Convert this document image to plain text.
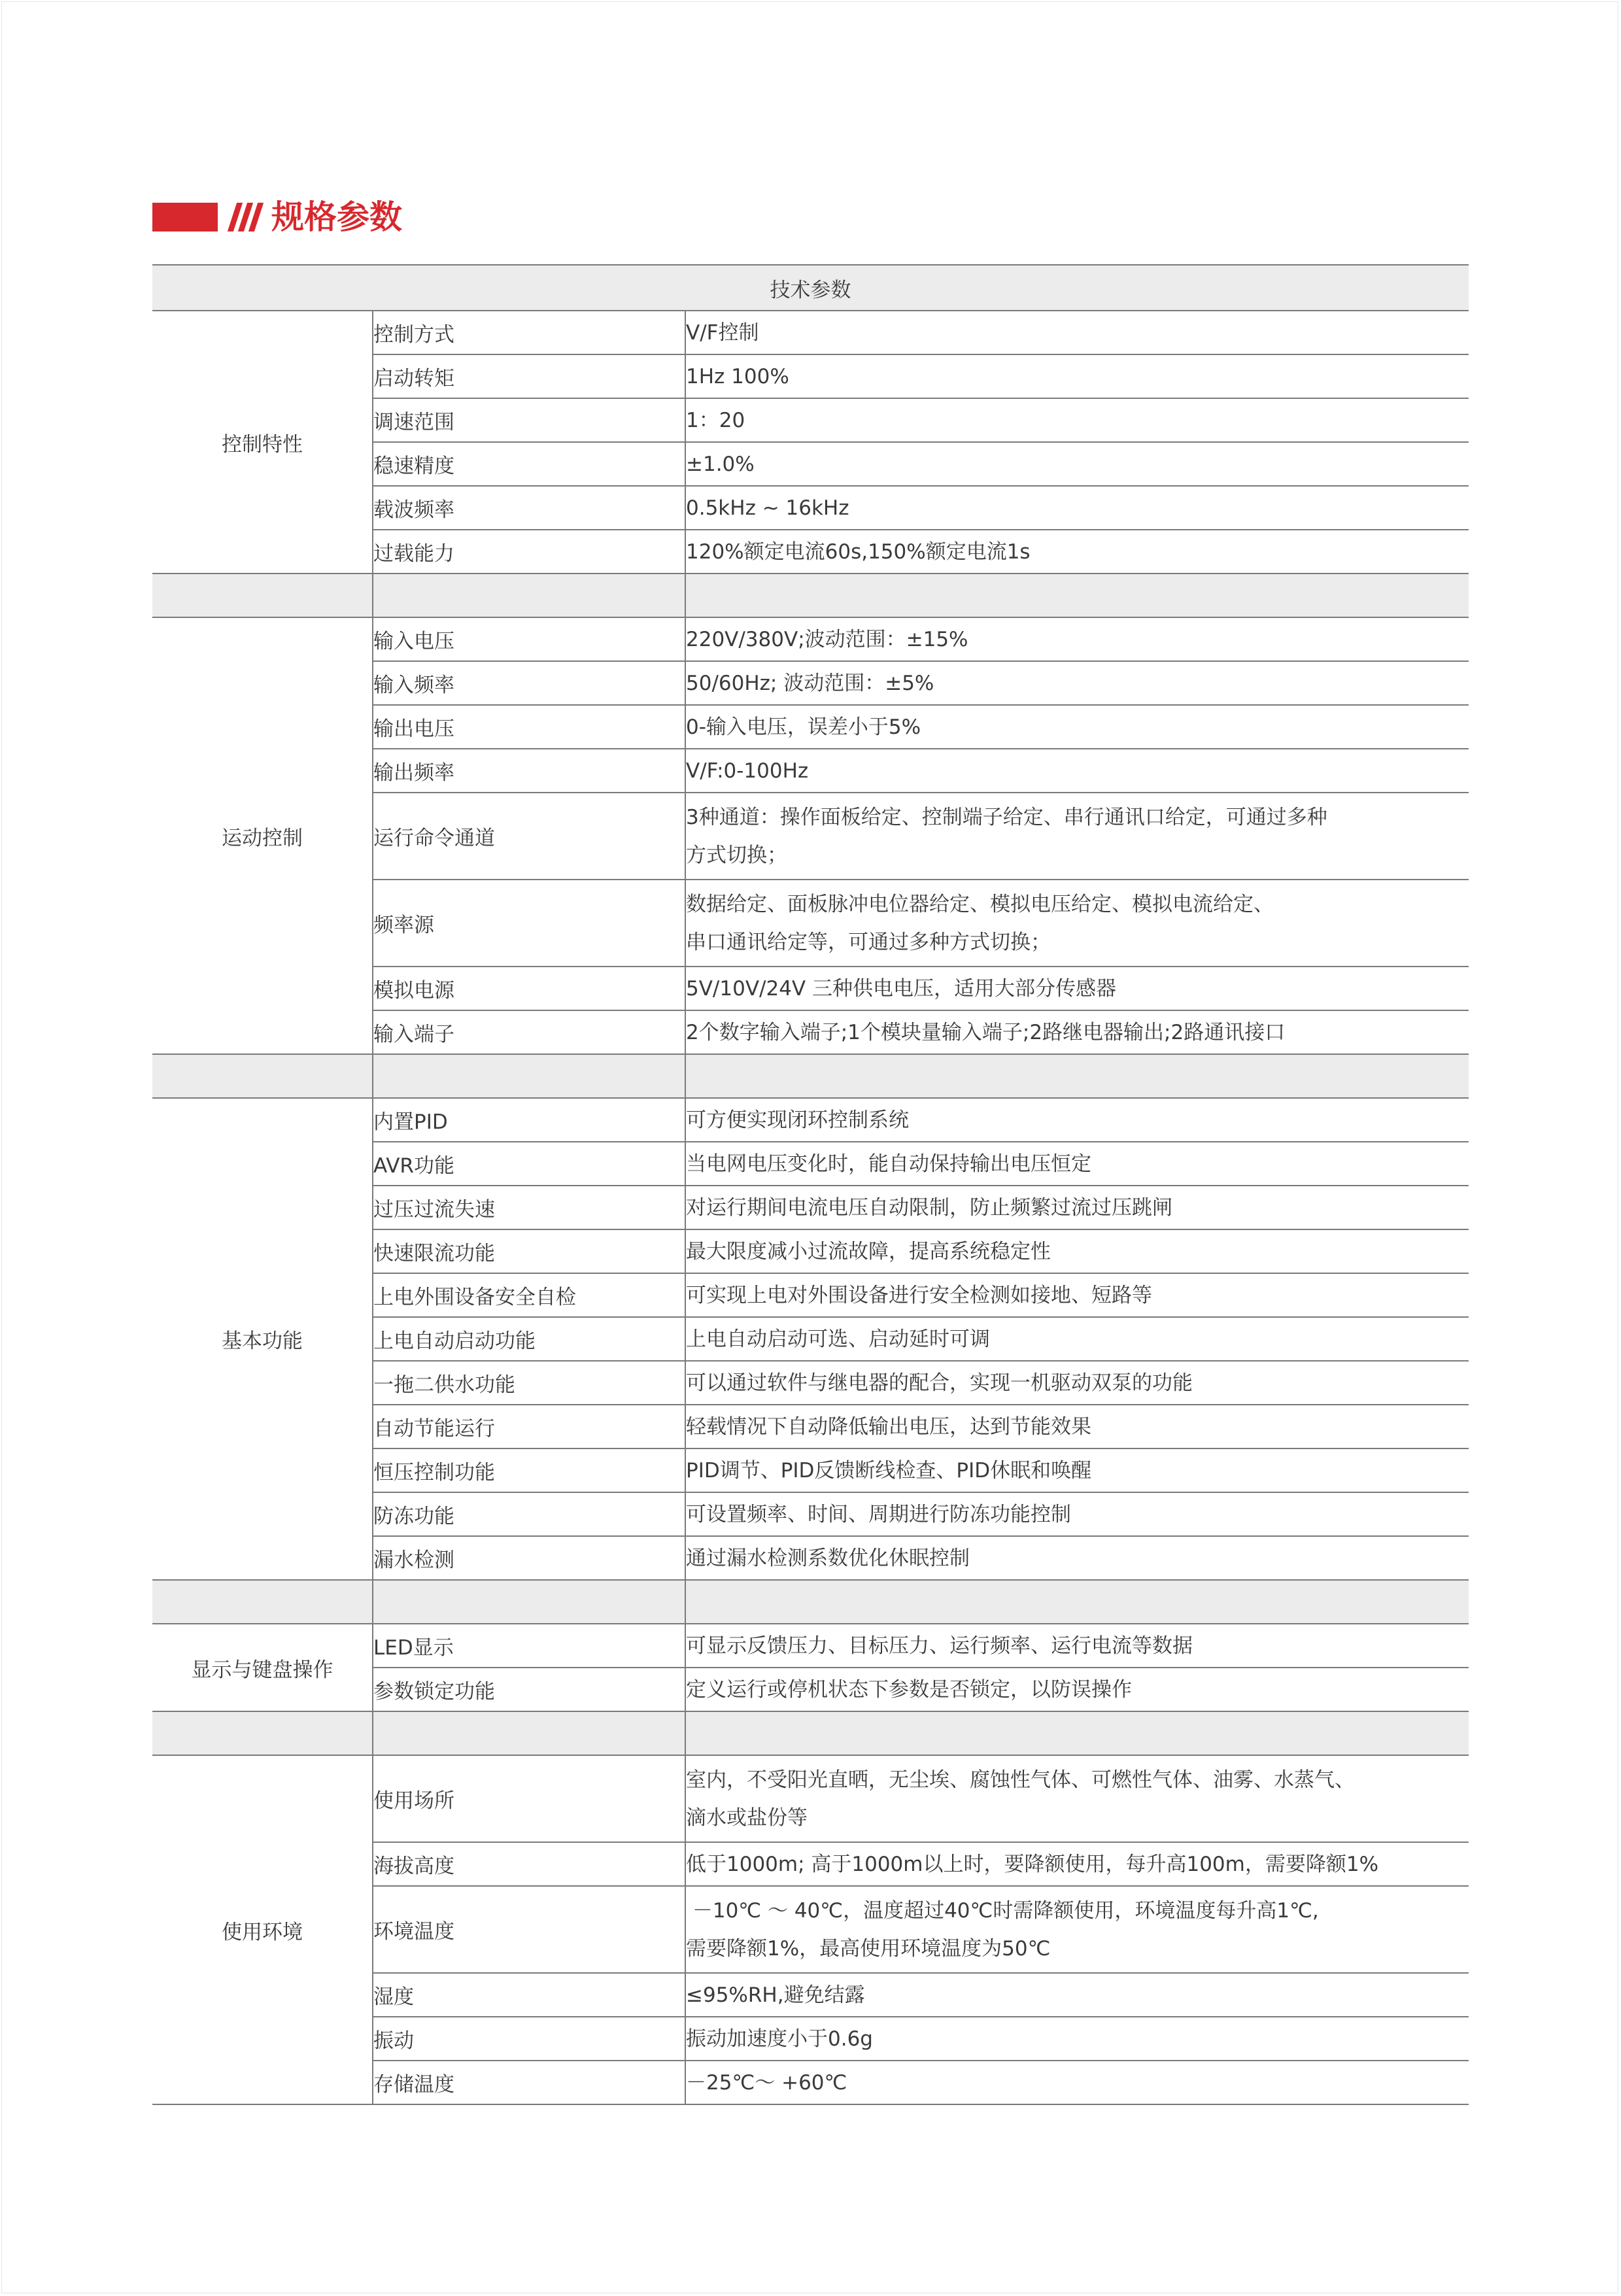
规格参数
技术参数		
控制特性	控制方式	V/F控制
	启动转矩	1Hz 100%
	调速范围	1：20
	稳速精度	±1.0%
	载波频率	0.5kHz ~ 16kHz
	过载能力	120%额定电流60s,150%额定电流1s

运动控制	输入电压	220V/380V;波动范围：±15%
	输入频率	50/60Hz; 波动范围：±5%
	输出电压	0-输入电压，误差小于5%
	输出频率	V/F:0-100Hz
	运行命令通道	3种通道：操作面板给定、控制端子给定、串行通讯口给定，可通过多种
方式切换；

	频率源	数据给定、面板脉冲电位器给定、模拟电压给定、模拟电流给定、
串口通讯给定等，可通过多种方式切换；

	模拟电源	5V/10V/24V 三种供电电压，适用大部分传感器
	输入端子	2个数字输入端子;1个模块量输入端子;2路继电器输出;2路通讯接口

基本功能	内置PID	可方便实现闭环控制系统
	AVR功能	当电网电压变化时，能自动保持输出电压恒定
	过压过流失速	对运行期间电流电压自动限制，防止频繁过流过压跳闸
	快速限流功能	最大限度减小过流故障，提高系统稳定性
	上电外围设备安全自检	可实现上电对外围设备进行安全检测如接地、短路等
	上电自动启动功能	上电自动启动可选、启动延时可调
	一拖二供水功能	可以通过软件与继电器的配合，实现一机驱动双泵的功能
	自动节能运行	轻载情况下自动降低输出电压，达到节能效果
	恒压控制功能	PID调节、PID反馈断线检查、PID休眠和唤醒
	防冻功能	可设置频率、时间、周期进行防冻功能控制
	漏水检测	通过漏水检测系数优化休眠控制

显示与键盘操作	LED显示	可显示反馈压力、目标压力、运行频率、运行电流等数据
	参数锁定功能	定义运行或停机状态下参数是否锁定，以防误操作

使用环境	使用场所	室内，不受阳光直晒，无尘埃、腐蚀性气体、可燃性气体、油雾、水蒸气、
滴水或盐份等

	海拔高度	低于1000m; 高于1000m以上时，要降额使用，每升高100m，需要降额1%
	环境温度	－10℃ ～ 40℃，温度超过40℃时需降额使用，环境温度每升高1℃,
需要降额1%，最高使用环境温度为50℃

	湿度	≤95%RH,避免结露
	振动	振动加速度小于0.6g
	存储温度	－25℃～ +60℃
